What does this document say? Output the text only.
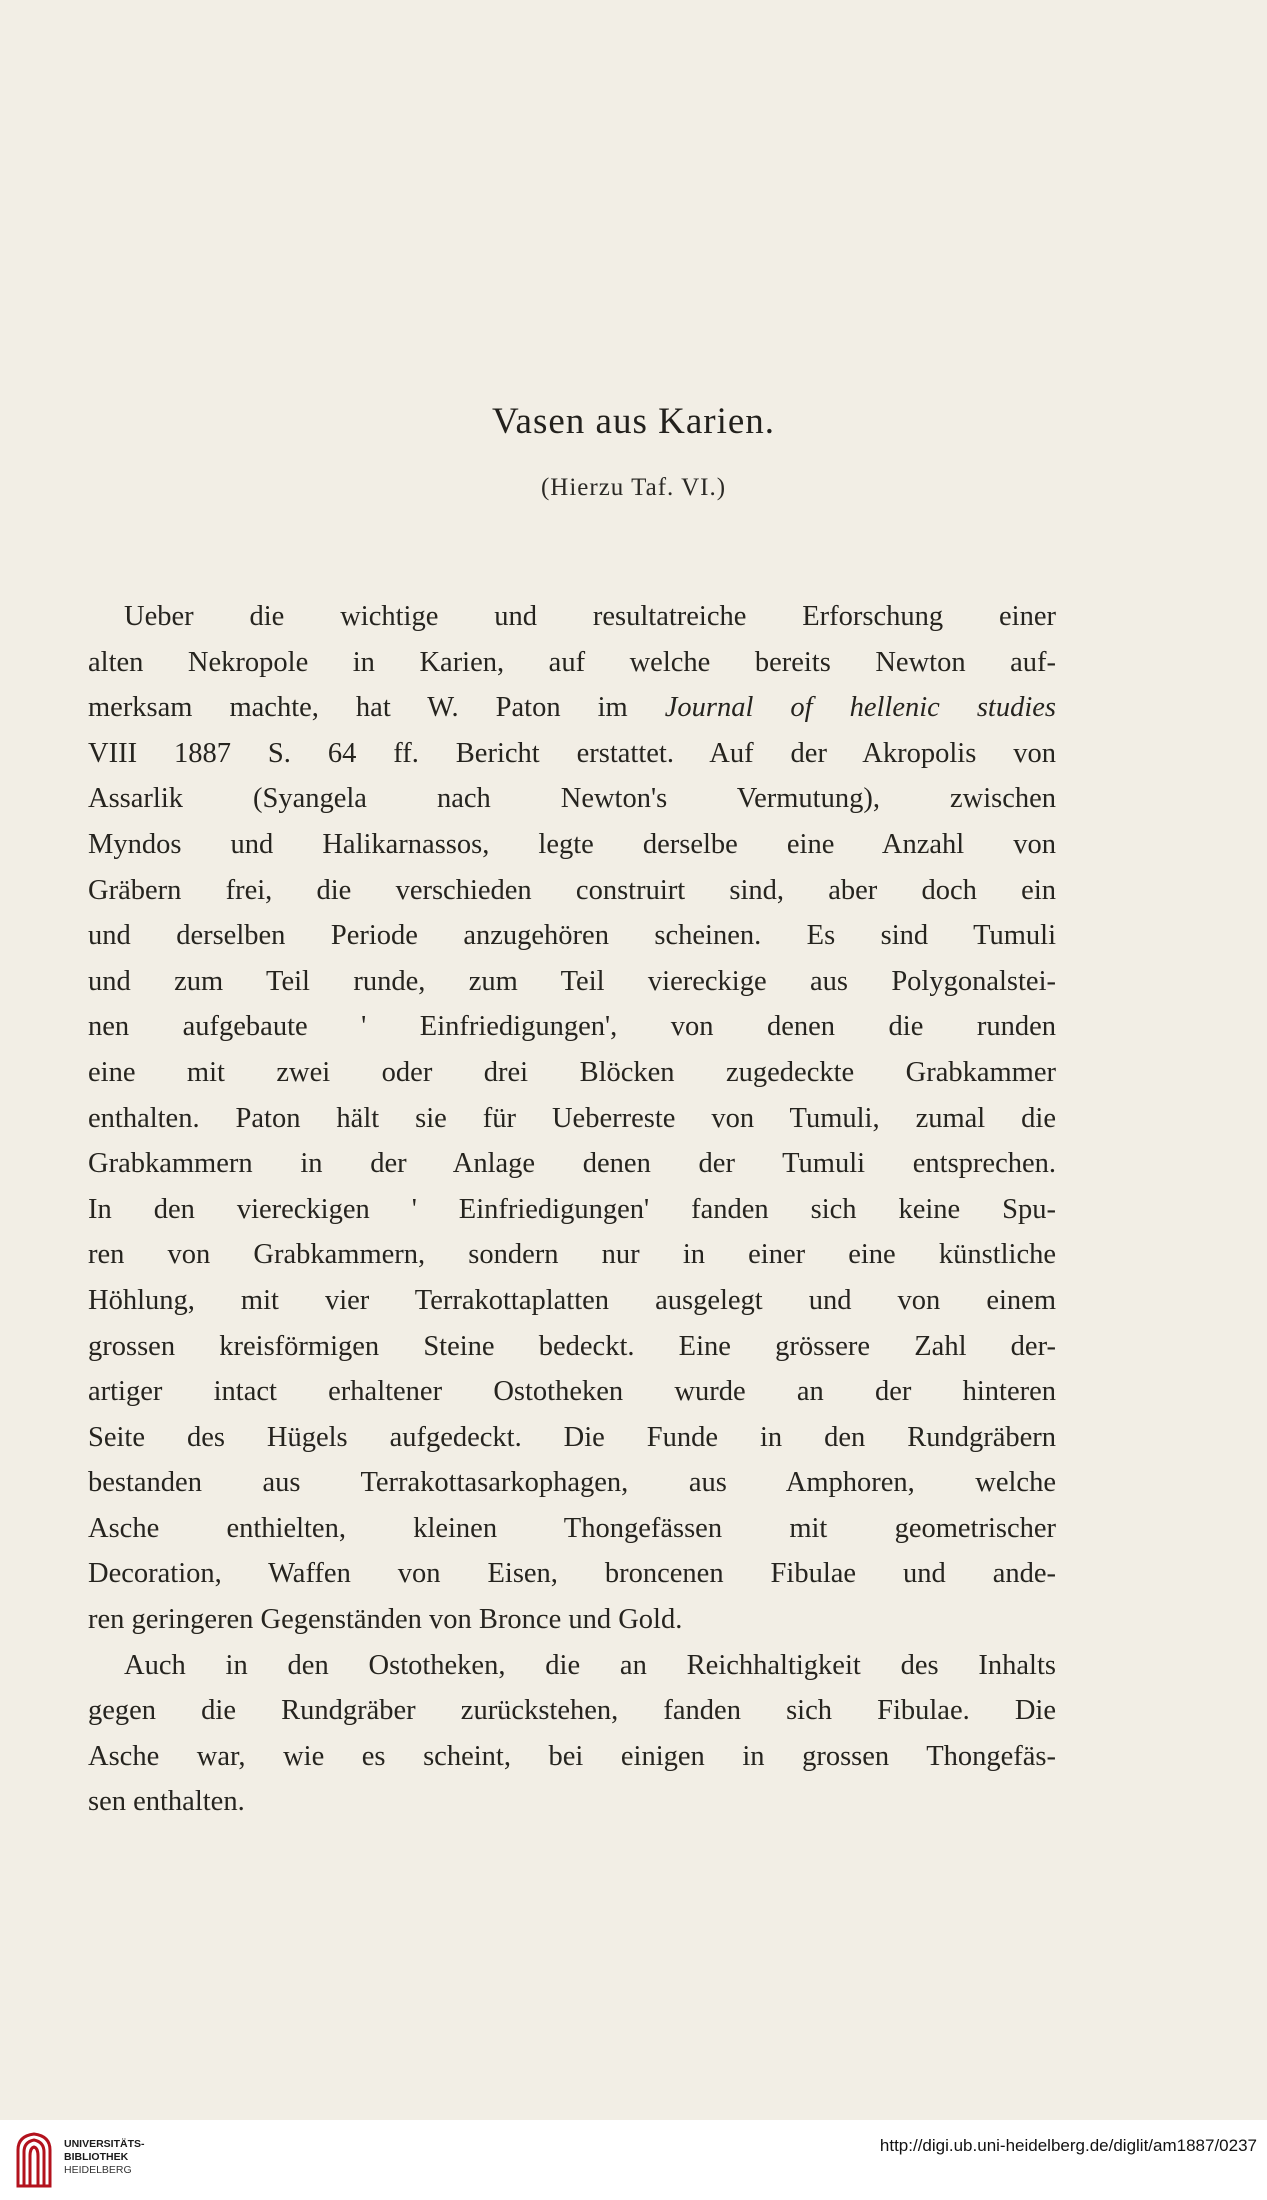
Vasen aus Karien.
(Hierzu Taf. VI.)
Ueber die wichtige und resultatreiche Erforschung einer
alten Nekropole in Karien, auf welche bereits Newton auf-
merksam machte, hat W. Paton im Journal of hellenic studies
VIII 1887 S. 64 ff. Bericht erstattet. Auf der Akropolis von
Assarlik (Syangela nach Newton's Vermutung), zwischen
Myndos und Halikarnassos, legte derselbe eine Anzahl von
Gräbern frei, die verschieden construirt sind, aber doch ein
und derselben Periode anzugehören scheinen. Es sind Tumuli
und zum Teil runde, zum Teil viereckige aus Polygonalstei-
nen aufgebaute ' Einfriedigungen', von denen die runden
eine mit zwei oder drei Blöcken zugedeckte Grabkammer
enthalten. Paton hält sie für Ueberreste von Tumuli, zumal die
Grabkammern in der Anlage denen der Tumuli entsprechen.
In den viereckigen ' Einfriedigungen' fanden sich keine Spu-
ren von Grabkammern, sondern nur in einer eine künstliche
Höhlung, mit vier Terrakottaplatten ausgelegt und von einem
grossen kreisförmigen Steine bedeckt. Eine grössere Zahl der-
artiger intact erhaltener Ostotheken wurde an der hinteren
Seite des Hügels aufgedeckt. Die Funde in den Rundgräbern
bestanden aus Terrakottasarkophagen, aus Amphoren, welche
Asche enthielten, kleinen Thongefässen mit geometrischer
Decoration, Waffen von Eisen, broncenen Fibulae und ande-
ren geringeren Gegenständen von Bronce und Gold.
Auch in den Ostotheken, die an Reichhaltigkeit des Inhalts
gegen die Rundgräber zurückstehen, fanden sich Fibulae. Die
Asche war, wie es scheint, bei einigen in grossen Thongefäs-
sen enthalten.
UNIVERSITÄTS-
BIBLIOTHEK
HEIDELBERG
http://digi.ub.uni-heidelberg.de/diglit/am1887/0237
